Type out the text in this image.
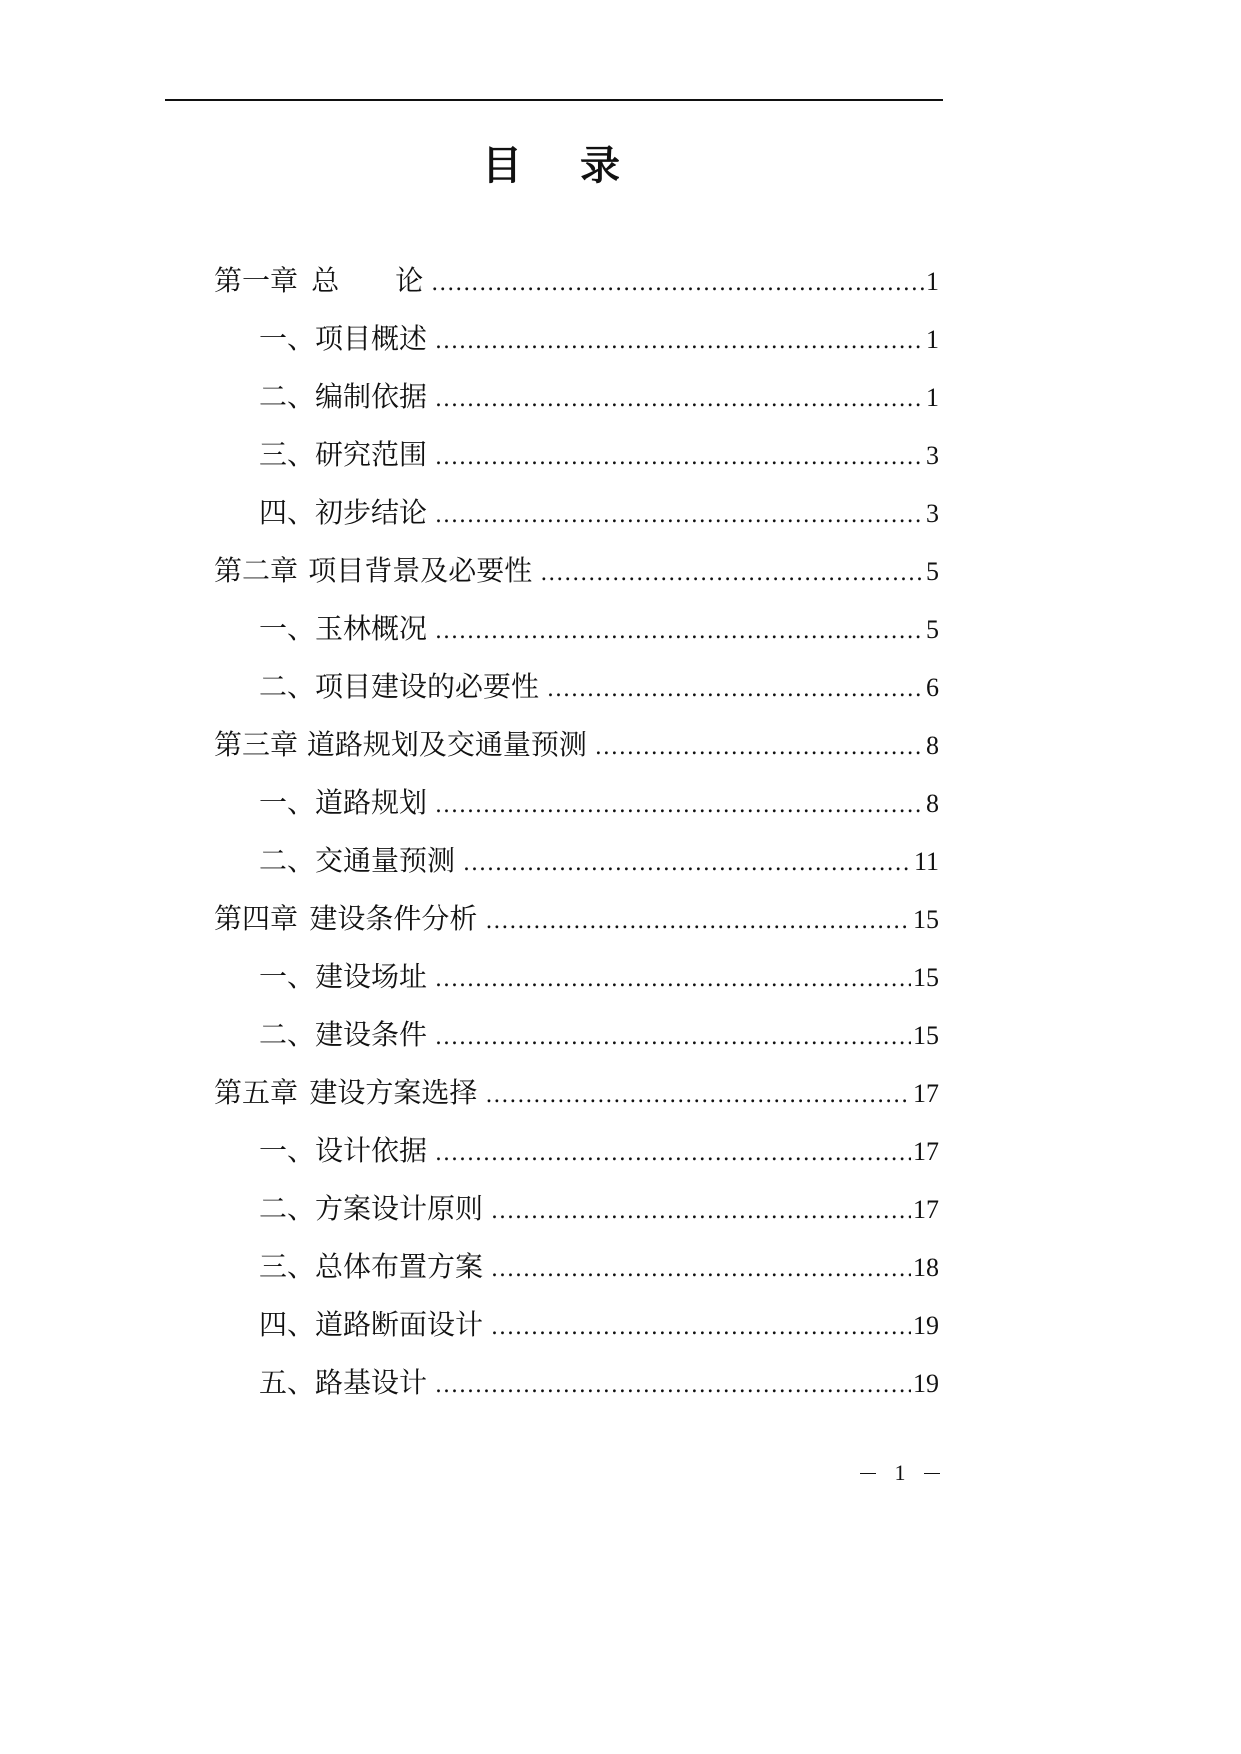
目 录
第一章 总　　论 .....	1
一、 项目概述 .....	1
二、 编制依据 .....	1
三、 研究范围 .....	3
四、 初步结论 .....	3
第二章 项目背景及必要性 .....	5
一、 玉林概况 .....	5
二、 项目建设的必要性 .....	6
第三章 道路规划及交通量预测 .....	8
一、 道路规划 .....	8
二、 交通量预测 .....	11
第四章 建设条件分析 .....	15
一、 建设场址 .....	15
二、 建设条件 .....	15
第五章 建设方案选择 .....	17
一、 设计依据 .....	17
二、 方案设计原则 .....	17
三、 总体布置方案 .....	18
四、 道路断面设计 .....	19
五、 路基设计 .....	19
1
